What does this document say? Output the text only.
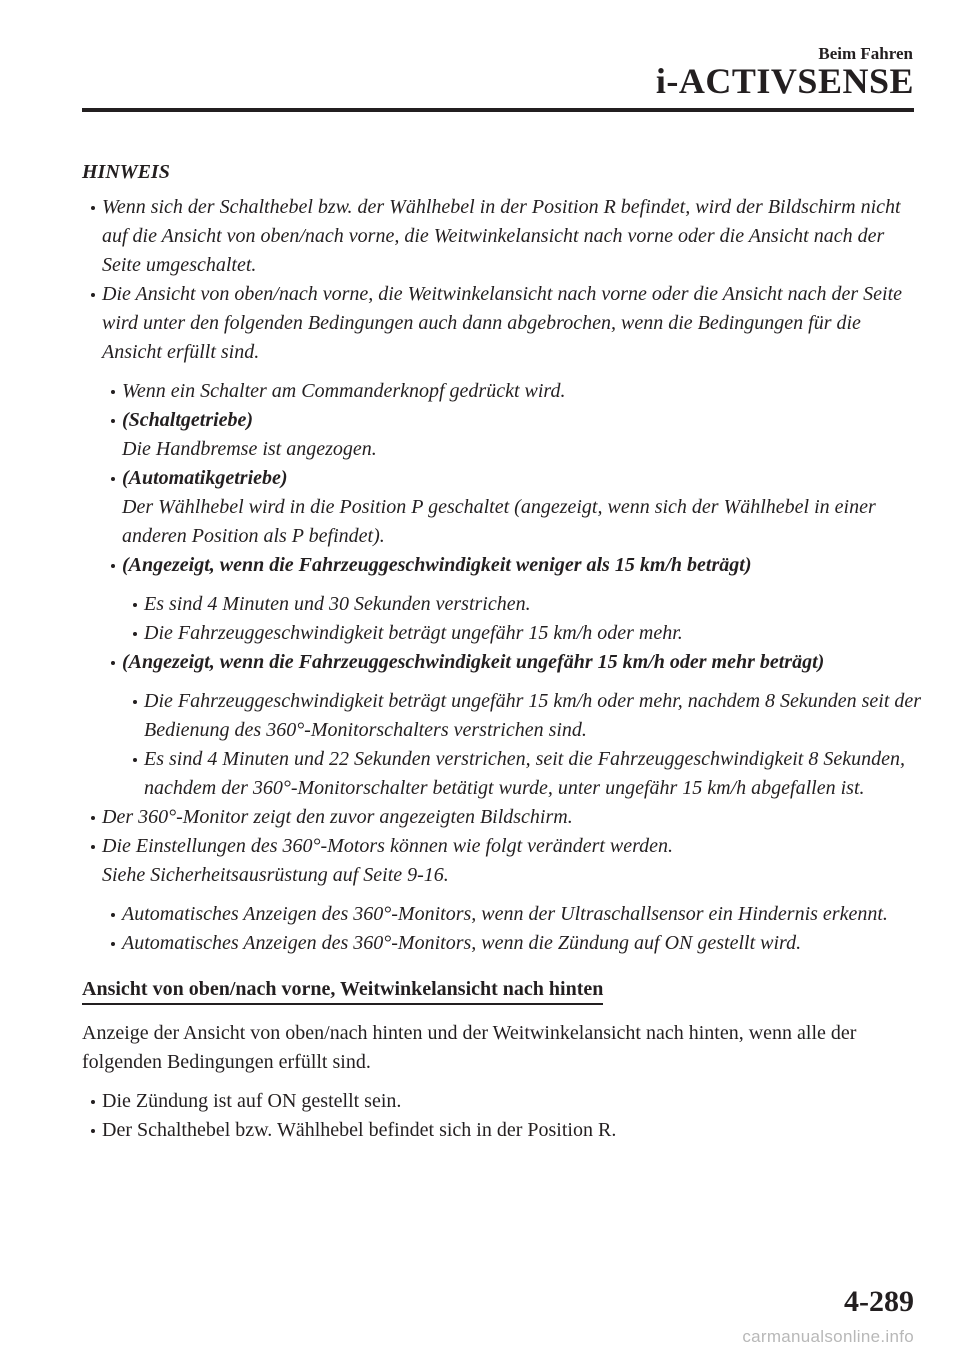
Beim Fahren
i-ACTIVSENSE
HINWEIS
Wenn sich der Schalthebel bzw. der Wählhebel in der Position R befindet, wird der Bildschirm nicht auf die Ansicht von oben/nach vorne, die Weitwinkelansicht nach vorne oder die Ansicht nach der Seite umgeschaltet.
Die Ansicht von oben/nach vorne, die Weitwinkelansicht nach vorne oder die Ansicht nach der Seite wird unter den folgenden Bedingungen auch dann abgebrochen, wenn die Bedingungen für die Ansicht erfüllt sind.
Wenn ein Schalter am Commanderknopf gedrückt wird.
(Schaltgetriebe)
Die Handbremse ist angezogen.
(Automatikgetriebe)
Der Wählhebel wird in die Position P geschaltet (angezeigt, wenn sich der Wählhebel in einer anderen Position als P befindet).
(Angezeigt, wenn die Fahrzeuggeschwindigkeit weniger als 15 km/h beträgt)
Es sind 4 Minuten und 30 Sekunden verstrichen.
Die Fahrzeuggeschwindigkeit beträgt ungefähr 15 km/h oder mehr.
(Angezeigt, wenn die Fahrzeuggeschwindigkeit ungefähr 15 km/h oder mehr beträgt)
Die Fahrzeuggeschwindigkeit beträgt ungefähr 15 km/h oder mehr, nachdem 8 Sekunden seit der Bedienung des 360°-Monitorschalters verstrichen sind.
Es sind 4 Minuten und 22 Sekunden verstrichen, seit die Fahrzeuggeschwindigkeit 8 Sekunden, nachdem der 360°-Monitorschalter betätigt wurde, unter ungefähr 15 km/h abgefallen ist.
Der 360°-Monitor zeigt den zuvor angezeigten Bildschirm.
Die Einstellungen des 360°-Motors können wie folgt verändert werden.
Siehe Sicherheitsausrüstung auf Seite 9-16.
Automatisches Anzeigen des 360°-Monitors, wenn der Ultraschallsensor ein Hindernis erkennt.
Automatisches Anzeigen des 360°-Monitors, wenn die Zündung auf ON gestellt wird.
Ansicht von oben/nach vorne, Weitwinkelansicht nach hinten
Anzeige der Ansicht von oben/nach hinten und der Weitwinkelansicht nach hinten, wenn alle der folgenden Bedingungen erfüllt sind.
Die Zündung ist auf ON gestellt sein.
Der Schalthebel bzw. Wählhebel befindet sich in der Position R.
4-289
carmanualsonline.info
